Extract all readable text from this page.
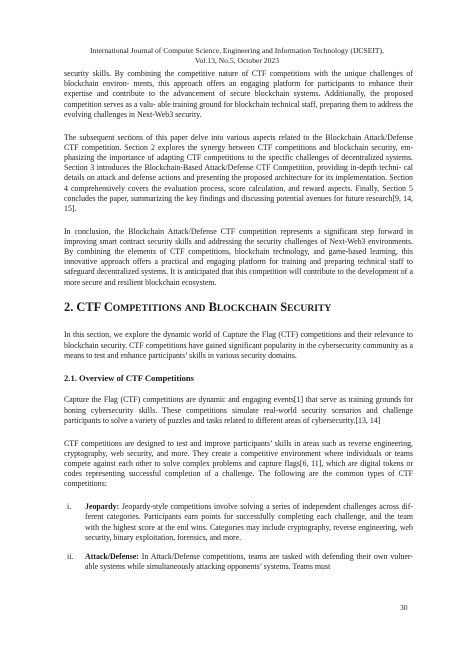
International Journal of Computer Science, Engineering and Information Technology (IJCSEIT),
Vol.13, No.5, October 2023

security skills. By combining the competitive nature of CTF competitions with the unique challenges of blockchain environ- ments, this approach offers an engaging platform for participants to enhance their expertise and contribute to the advancement of secure blockchain systems. Additionally, the proposed competition serves as a valu- able training ground for blockchain technical staff, preparing them to address the evolving challenges in Next-Web3 security.

The subsequent sections of this paper delve into various aspects related to the Blockchain Attack/Defense CTF competition. Section 2 explores the synergy between CTF competitions and blockchain security, em- phasizing the importance of adapting CTF competitions to the specific challenges of decentralized systems. Section 3 introduces the Blockchain-Based Attack/Defense CTF Competition, providing in-depth techni- cal details on attack and defense actions and presenting the proposed architecture for its implementation. Section 4 comprehensively covers the evaluation process, score calculation, and reward aspects. Finally, Section 5 concludes the paper, summarizing the key findings and discussing potential avenues for future research[9, 14, 15].

In conclusion, the Blockchain Attack/Defense CTF competition represents a significant step forward in improving smart contract security skills and addressing the security challenges of Next-Web3 environments. By combining the elements of CTF competitions, blockchain technology, and game-based learning, this innovative approach offers a practical and engaging platform for training and preparing technical staff to safeguard decentralized systems. It is anticipated that this competition will contribute to the development of a more secure and resilient blockchain ecosystem.

2. CTF COMPETITIONS AND BLOCKCHAIN SECURITY

In this section, we explore the dynamic world of Capture the Flag (CTF) competitions and their relevance to blockchain security. CTF competitions have gained significant popularity in the cybersecurity community as a means to test and enhance participants’ skills in various security domains.

2.1. Overview of CTF Competitions

Capture the Flag (CTF) competitions are dynamic and engaging events[1] that serve as training grounds for honing cybersecurity skills. These competitions simulate real-world security scenarios and challenge participants to solve a variety of puzzles and tasks related to different areas of cybersecurity.[13, 14]

CTF competitions are designed to test and improve participants’ skills in areas such as reverse engineering, cryptography, web security, and more. They create a competitive environment where individuals or teams compete against each other to solve complex problems and capture flags[6, 11], which are digital tokens or codes representing successful completion of a challenge. The following are the common types of CTF competitions:

i. Jeopardy: Jeopardy-style competitions involve solving a series of independent challenges across dif- ferent categories. Participants earn points for successfully completing each challenge, and the team with the highest score at the end wins. Categories may include cryptography, reverse engineering, web security, binary exploitation, forensics, and more.
ii. Attack/Defense: In Attack/Defense competitions, teams are tasked with defending their own vulner- able systems while simultaneously attacking opponents’ systems. Teams must
30
